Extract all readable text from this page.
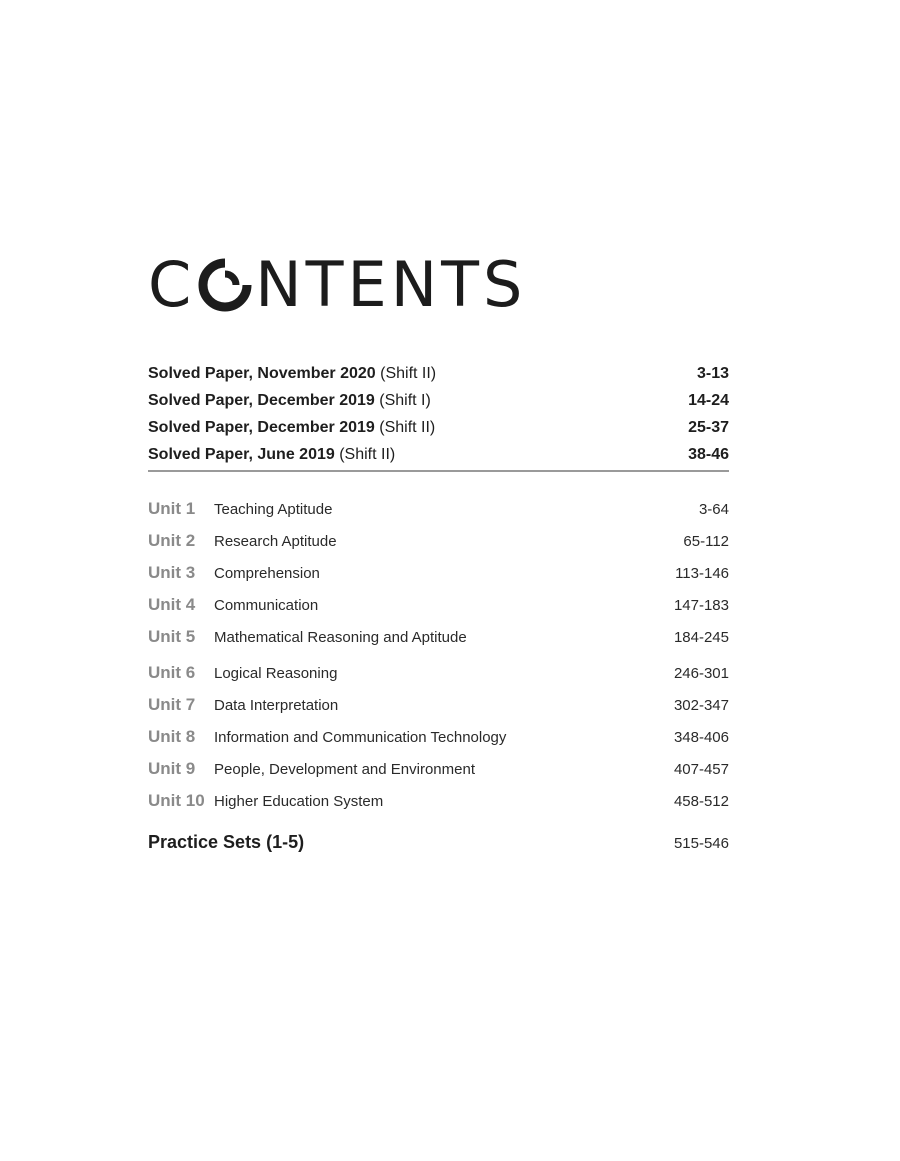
C NTENTS
Solved Paper, November 2020 (Shift II)	3-13
Solved Paper, December 2019 (Shift I)	14-24
Solved Paper, December 2019 (Shift II)	25-37
Solved Paper, June 2019 (Shift II)	38-46
Unit 1	Teaching Aptitude	3-64
Unit 2	Research Aptitude	65-112
Unit 3	Comprehension	113-146
Unit 4	Communication	147-183
Unit 5	Mathematical Reasoning and Aptitude	184-245
Unit 6	Logical Reasoning	246-301
Unit 7	Data Interpretation	302-347
Unit 8	Information and Communication Technology	348-406
Unit 9	People, Development and Environment	407-457
Unit 10 Higher Education System	458-512
Practice Sets (1-5)	515-546
